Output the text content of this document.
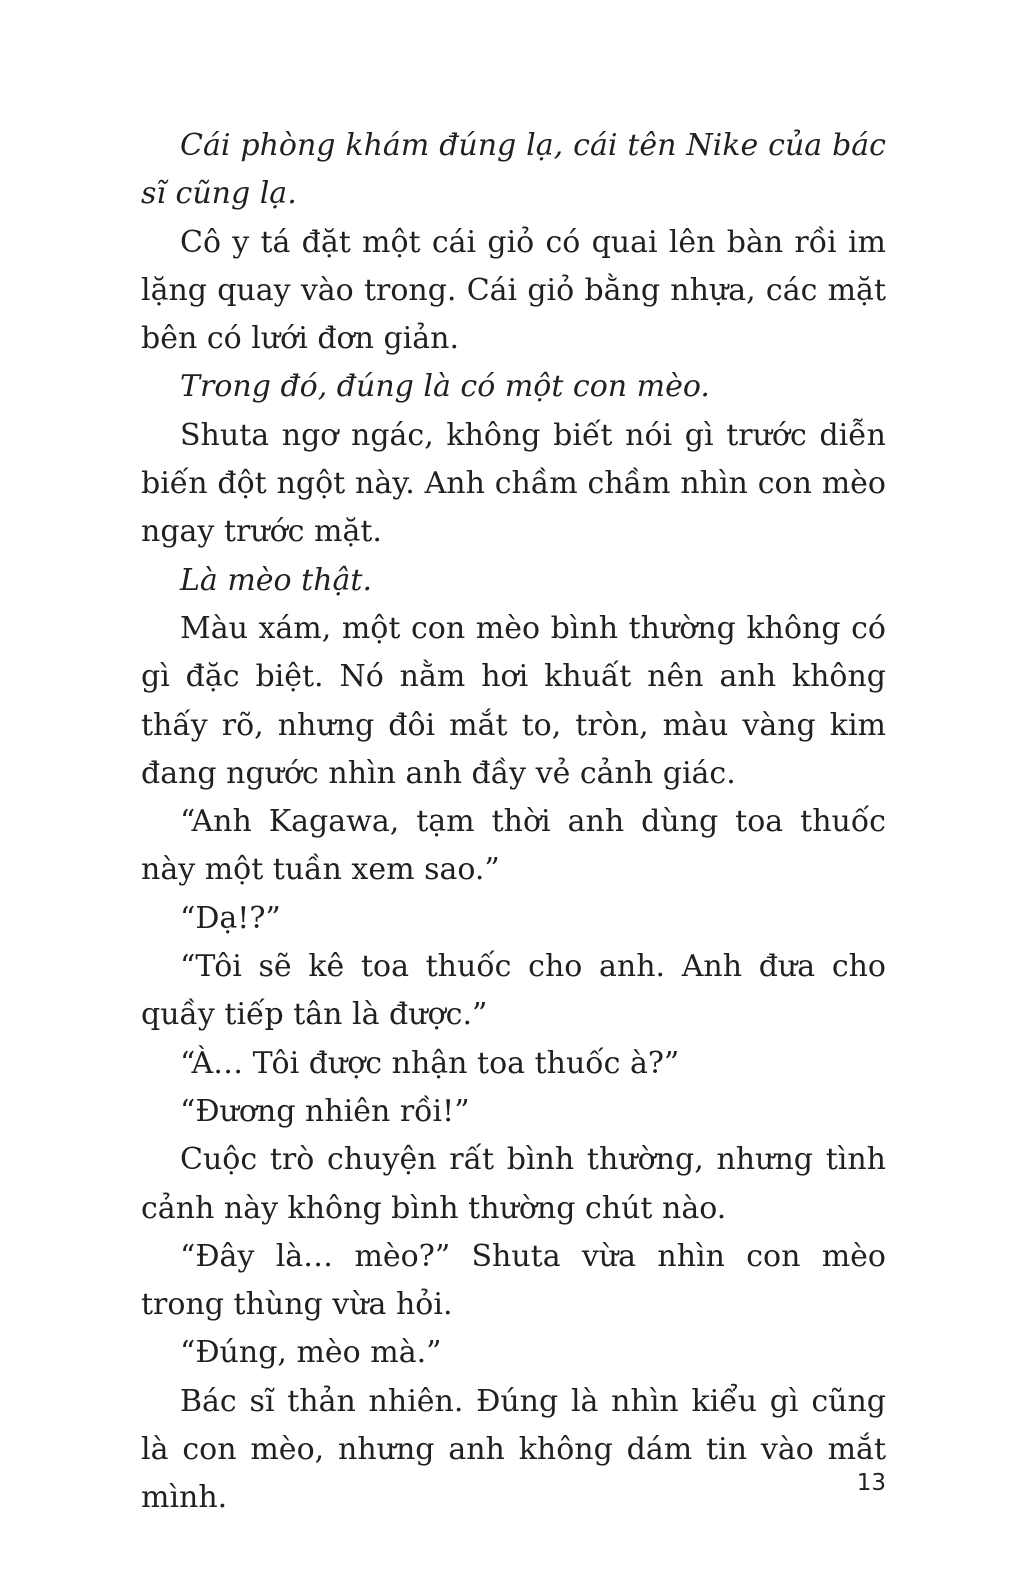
Cái phòng khám đúng lạ, cái tên Nike của bác sĩ cũng lạ.

Cô y tá đặt một cái giỏ có quai lên bàn rồi im lặng quay vào trong. Cái giỏ bằng nhựa, các mặt bên có lưới đơn giản.

Trong đó, đúng là có một con mèo.

Shuta ngơ ngác, không biết nói gì trước diễn biến đột ngột này. Anh chầm chầm nhìn con mèo ngay trước mặt.

Là mèo thật.

Màu xám, một con mèo bình thường không có gì đặc biệt. Nó nằm hơi khuất nên anh không thấy rõ, nhưng đôi mắt to, tròn, màu vàng kim đang ngước nhìn anh đầy vẻ cảnh giác.

“Anh Kagawa, tạm thời anh dùng toa thuốc này một tuần xem sao.”

“Dạ!?”

“Tôi sẽ kê toa thuốc cho anh. Anh đưa cho quầy tiếp tân là được.”

“À… Tôi được nhận toa thuốc à?”

“Đương nhiên rồi!”

Cuộc trò chuyện rất bình thường, nhưng tình cảnh này không bình thường chút nào.

“Đây là… mèo?” Shuta vừa nhìn con mèo trong thùng vừa hỏi.

“Đúng, mèo mà.”

Bác sĩ thản nhiên. Đúng là nhìn kiểu gì cũng là con mèo, nhưng anh không dám tin vào mắt mình.	13
